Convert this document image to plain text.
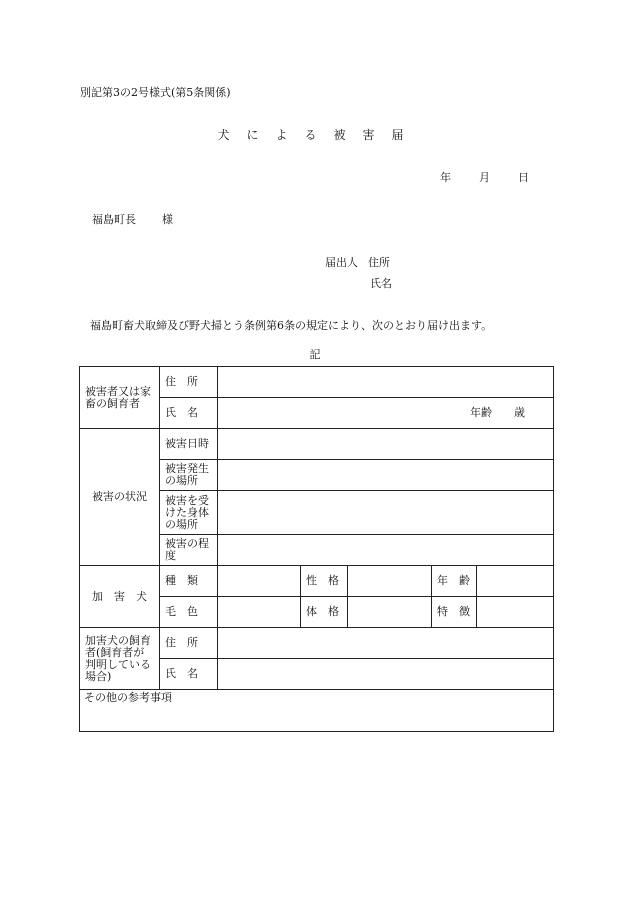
別記第3の2号様式(第5条関係)
犬による被害届
年	月	日
福島町長 様
届出人 住所
氏名
福島町畜犬取締及び野犬掃とう条例第6条の規定により、次のとおり届け出ます。
記
被害者又は家畜の飼育者	住　所					
	氏　名	年齢 歳				
被害の状況	被害日時					
	被害発生の場所					
	被害を受けた身体の場所					
	被害の程度					
加　害　犬	種　類		性　格		年　齢	
	毛　色		体　格		特　徴	
加害犬の飼育者(飼育者が判明している場合)	住　所					
	氏　名					
その他の参考事項						
